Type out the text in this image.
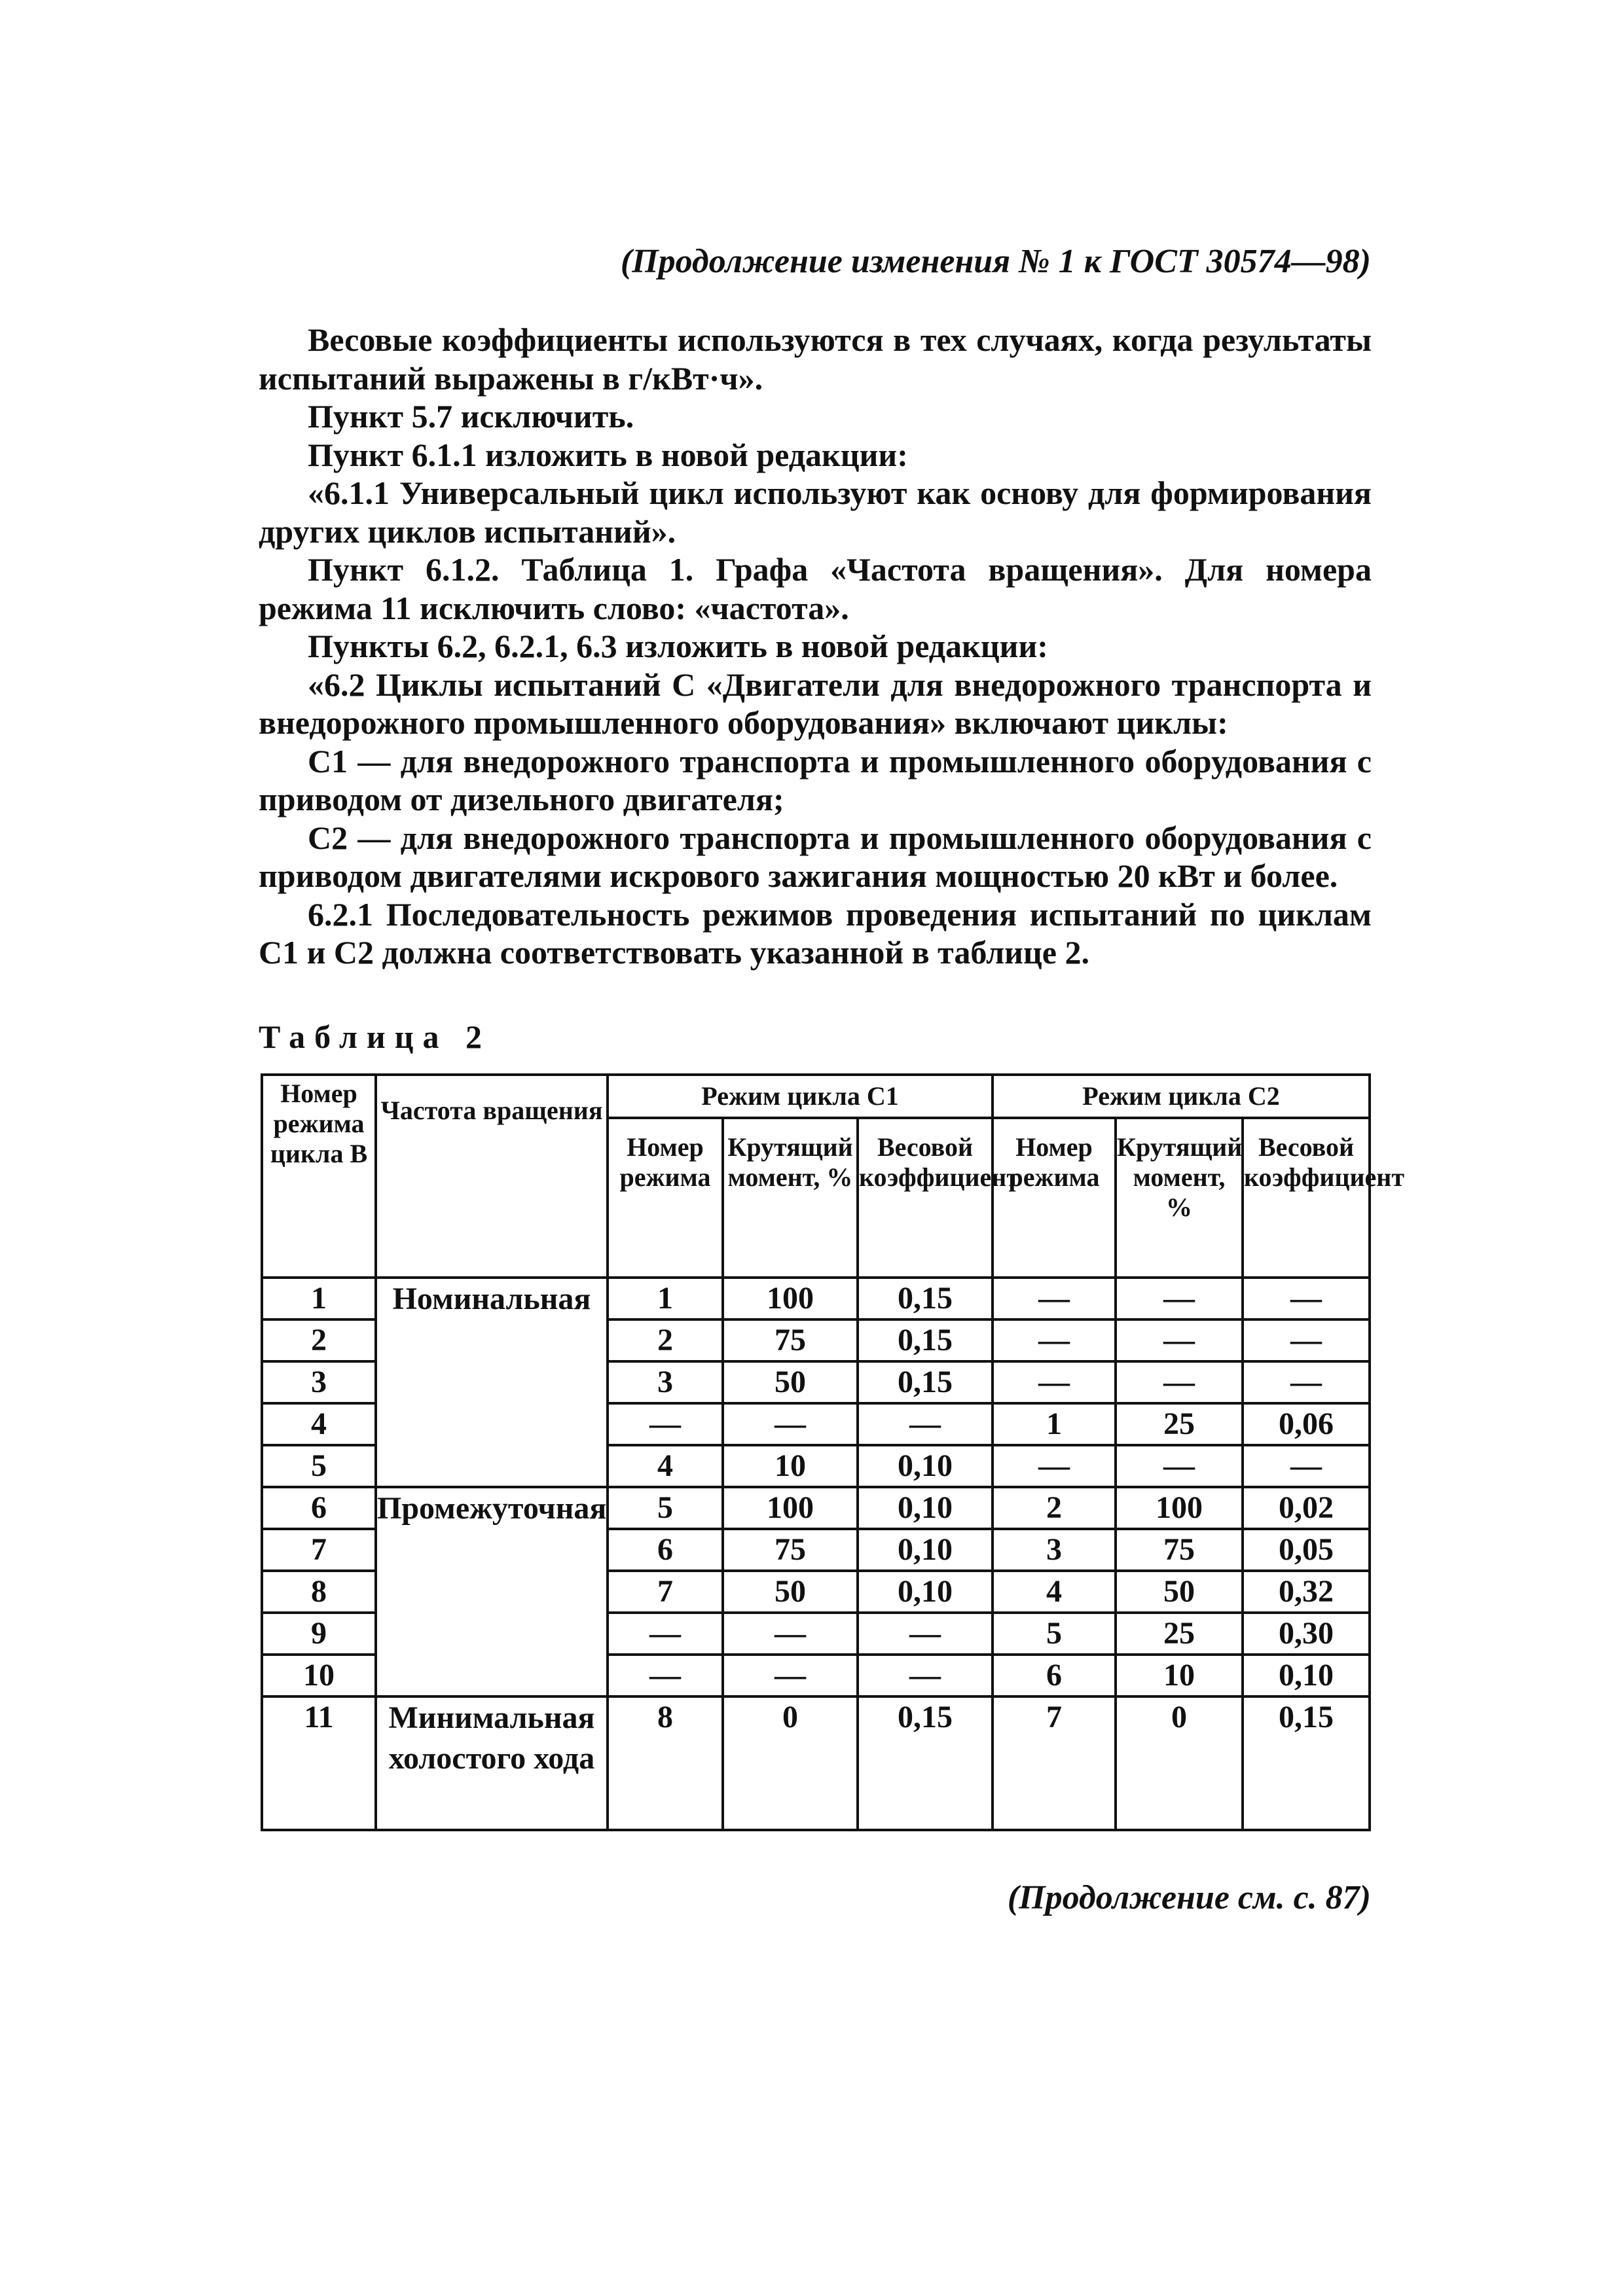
(Продолжение изменения № 1 к ГОСТ 30574—98)

Весовые коэффициенты используются в тех случаях, когда результаты испытаний выражены в г/кВт·ч».

Пункт 5.7 исключить.

Пункт 6.1.1 изложить в новой редакции:

«6.1.1 Универсальный цикл используют как основу для формирования других циклов испытаний».

Пункт 6.1.2. Таблица 1. Графа «Частота вращения». Для номера режима 11 исключить слово: «частота».

Пункты 6.2, 6.2.1, 6.3 изложить в новой редакции:

«6.2 Циклы испытаний С «Двигатели для внедорожного транспорта и внедорожного промышленного оборудования» включают циклы:

С1 — для внедорожного транспорта и промышленного оборудования с приводом от дизельного двигателя;

С2 — для внедорожного транспорта и промышленного оборудования с приводом двигателями искрового зажигания мощностью 20 кВт и более.

6.2.1 Последовательность режимов проведения испытаний по циклам С1 и С2 должна соответствовать указанной в таблице 2.

Таблица 2
Номер режима цикла В	Частота вращения	Режим цикла С1			Режим цикла С2		
		Номер режима	Крутящий момент, %	Весовой коэффициент	Номер режима	Крутящий момент, %	Весовой коэффициент
1	Номинальная	1	100	0,15	—	—	—
2		2	75	0,15	—	—	—
3		3	50	0,15	—	—	—
4		—	—	—	1	25	0,06
5		4	10	0,10	—	—	—
6	Промежуточная	5	100	0,10	2	100	0,02
7		6	75	0,10	3	75	0,05
8		7	50	0,10	4	50	0,32
9		—	—	—	5	25	0,30
10		—	—	—	6	10	0,10
11	Минимальная холостого хода	8	0	0,15	7	0	0,15
(Продолжение см. с. 87)
